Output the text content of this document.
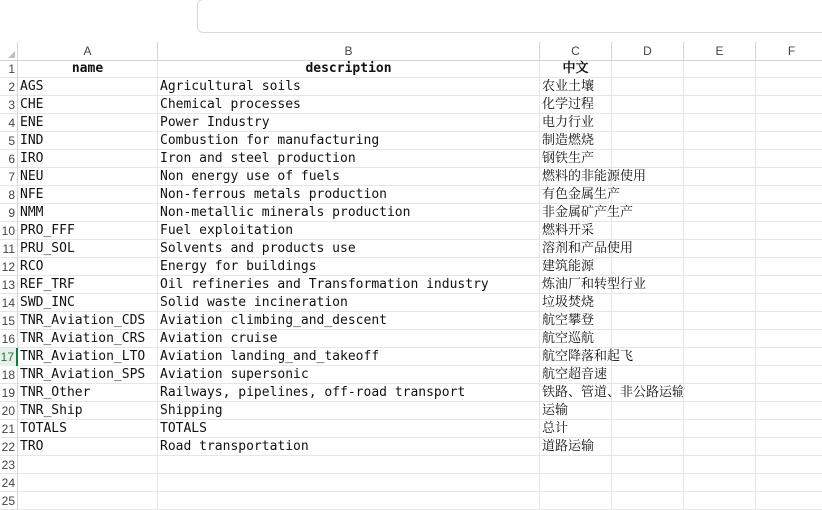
A	B	C	D	E	F
1	name	description	中文
2 AGS	Agricultural soils	农业土壤
3 CHE	Chemical processes	化学过程
4 ENE	Power Industry	电力行业
5 IND	Combustion for manufacturing	制造燃烧
6 IRO	Iron and steel production	钢铁生产
7 NEU	Non energy use of fuels	燃料的非能源使用
8 NFE	Non-ferrous metals production	有色金属生产
9 NMM	Non-metallic minerals production	非金属矿产生产
10 PRO_FFF	Fuel exploitation	燃料开采
11 PRU_SOL	Solvents and products use	溶剂和产品使用
12 RCO	Energy for buildings	建筑能源
13 REF_TRF	Oil refineries and Transformation industry	炼油厂和转型行业
14 SWD_INC	Solid waste incineration	垃圾焚烧
15 TNR_Aviation_CDS	Aviation climbing_and_descent	航空攀登
16 TNR_Aviation_CRS	Aviation cruise	航空巡航
17 TNR_Aviation_LTO	Aviation landing_and_takeoff	航空降落和起飞
18 TNR_Aviation_SPS	Aviation supersonic	航空超音速
19 TNR_Other	Railways, pipelines, off-road transport	铁路、管道、非公路运输
20 TNR_Ship	Shipping	运输
21 TOTALS	TOTALS	总计
22 TRO	Road transportation	道路运输
23
24
25
